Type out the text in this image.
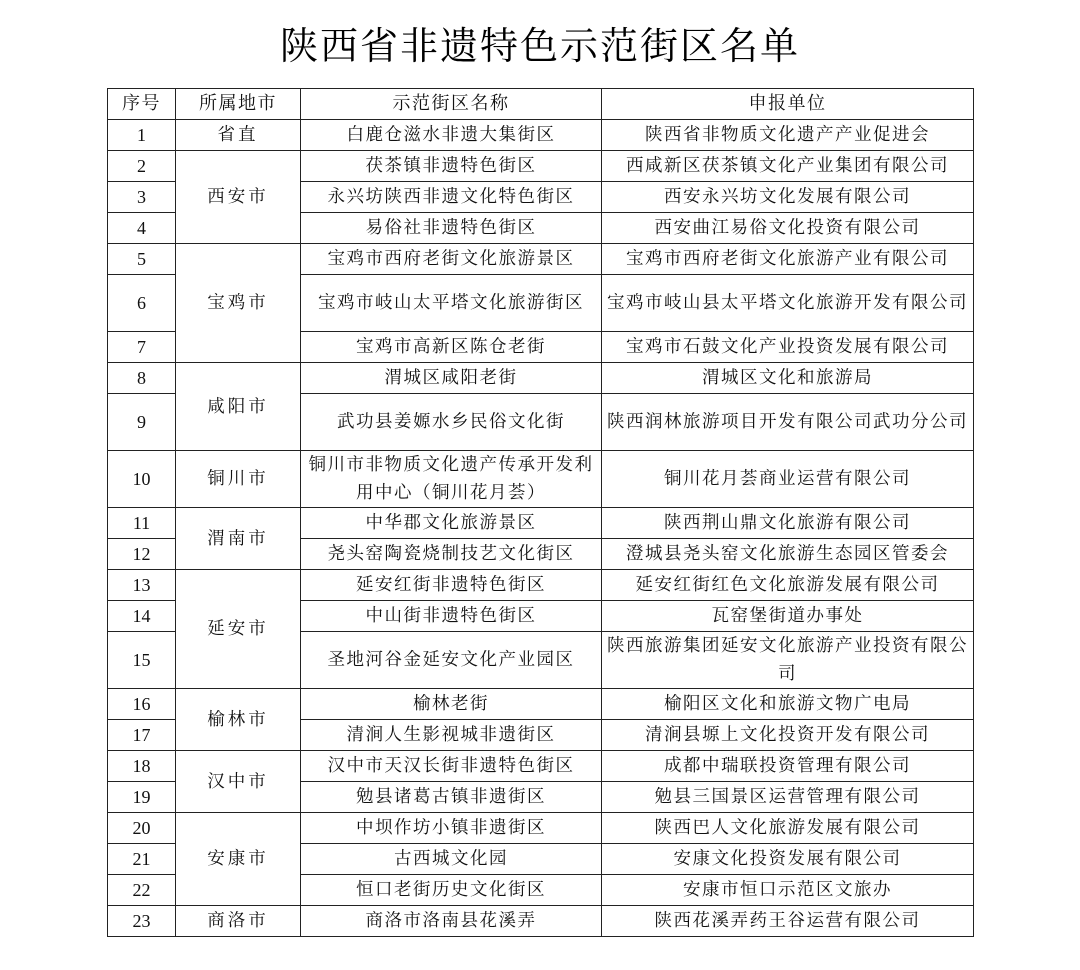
陕西省非遗特色示范街区名单
序号	所属地市	示范街区名称	申报单位
1	省直	白鹿仓滋水非遗大集街区	陕西省非物质文化遗产产业促进会
2	西安市	茯茶镇非遗特色街区	西咸新区茯茶镇文化产业集团有限公司
3		永兴坊陕西非遗文化特色街区	西安永兴坊文化发展有限公司
4		易俗社非遗特色街区	西安曲江易俗文化投资有限公司
5	宝鸡市	宝鸡市西府老街文化旅游景区	宝鸡市西府老街文化旅游产业有限公司
6		宝鸡市岐山太平塔文化旅游街区	宝鸡市岐山县太平塔文化旅游开发有限公司
7		宝鸡市高新区陈仓老街	宝鸡市石鼓文化产业投资发展有限公司
8	咸阳市	渭城区咸阳老街	渭城区文化和旅游局
9		武功县姜嫄水乡民俗文化街	陕西润林旅游项目开发有限公司武功分公司
10	铜川市	铜川市非物质文化遗产传承开发利用中心（铜川花月荟）	铜川花月荟商业运营有限公司
11	渭南市	中华郡文化旅游景区	陕西荆山鼎文化旅游有限公司
12		尧头窑陶瓷烧制技艺文化街区	澄城县尧头窑文化旅游生态园区管委会
13	延安市	延安红街非遗特色街区	延安红街红色文化旅游发展有限公司
14		中山街非遗特色街区	瓦窑堡街道办事处
15		圣地河谷金延安文化产业园区	陕西旅游集团延安文化旅游产业投资有限公司
16	榆林市	榆林老街	榆阳区文化和旅游文物广电局
17		清涧人生影视城非遗街区	清涧县塬上文化投资开发有限公司
18	汉中市	汉中市天汉长街非遗特色街区	成都中瑞联投资管理有限公司
19		勉县诸葛古镇非遗街区	勉县三国景区运营管理有限公司
20	安康市	中坝作坊小镇非遗街区	陕西巴人文化旅游发展有限公司
21		古西城文化园	安康文化投资发展有限公司
22		恒口老街历史文化街区	安康市恒口示范区文旅办
23	商洛市	商洛市洛南县花溪弄	陕西花溪弄药王谷运营有限公司
